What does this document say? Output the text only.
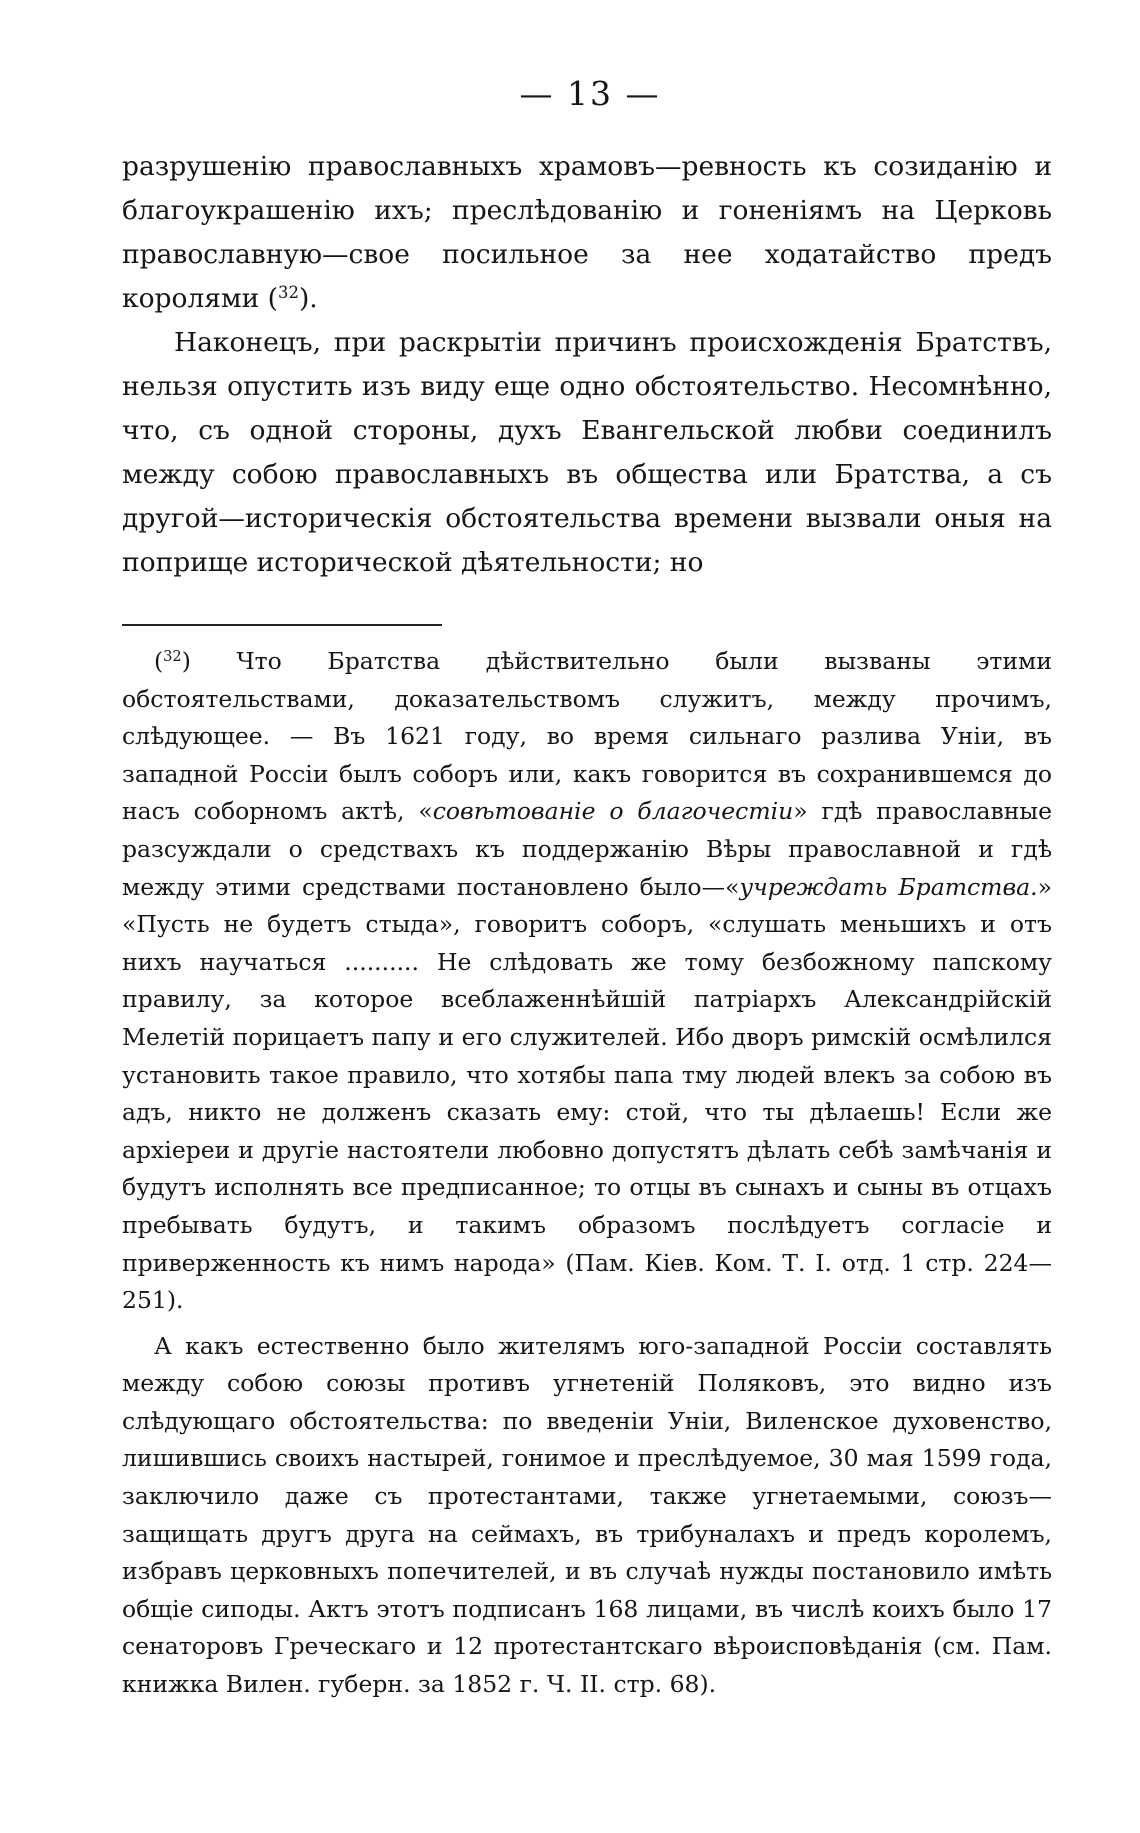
— 13 —

разрушенію православныхъ храмовъ—ревность къ созиданію и благоукрашенію ихъ; преслѣдованію и гоненіямъ на Церковь православную—свое посильное за нее ходатайство предъ королями ($^{32}$).

Наконецъ, при раскрытіи причинъ происхожденія Братствъ, нельзя опустить изъ виду еще одно обстоятельство. Несомнѣнно, что, съ одной стороны, духъ Евангельской любви соединилъ между собою православныхъ въ общества или Братства, а съ другой—историческія обстоятельства времени вызвали оныя на поприще исторической дѣятельности; но

($^{32}$) Что Братства дѣйствительно были вызваны этими обстоятельствами, доказательствомъ служитъ, между прочимъ, слѣдующее. — Въ 1621 году, во время сильнаго разлива Уніи, въ западной Россіи былъ соборъ или, какъ говорится въ сохранившемся до насъ соборномъ актѣ, «совѣтованіе о благочестіи» гдѣ православные разсуждали о средствахъ къ поддержанію Вѣры православной и гдѣ между этими средствами постановлено было—«учреждать Братства.» «Пусть не будетъ стыда», говоритъ соборъ, «слушать меньшихъ и отъ нихъ научаться .......... Не слѣдовать же тому безбожному папскому правилу, за которое всеблаженнѣйшій патріархъ Александрійскій Мелетій порицаетъ папу и его служителей. Ибо дворъ римскій осмѣлился установить такое правило, что хотябы папа тму людей влекъ за собою въ адъ, никто не долженъ сказать ему: стой, что ты дѣлаешь! Если же архіереи и другіе настоятели любовно допустятъ дѣлать себѣ замѣчанія и будутъ исполнять все предписанное; то отцы въ сынахъ и сыны въ отцахъ пребывать будутъ, и такимъ образомъ послѣдуетъ согласіе и приверженность къ нимъ народа» (Пам. Кіев. Ком. Т. I. отд. 1 стр. 224—251).

А какъ естественно было жителямъ юго-западной Россіи составлять между собою союзы противъ угнетеній Поляковъ, это видно изъ слѣдующаго обстоятельства: по введеніи Уніи, Виленское духовенство, лишившись своихъ настырей, гонимое и преслѣдуемое, 30 мая 1599 года, заключило даже съ протестантами, также угнетаемыми, союзъ—защищать другъ друга на сеймахъ, въ трибуналахъ и предъ королемъ, избравъ церковныхъ попечителей, и въ случаѣ нужды постановило имѣть общіе сиподы. Актъ этотъ подписанъ 168 лицами, въ числѣ коихъ было 17 сенаторовъ Греческаго и 12 протестантскаго вѣроисповѣданія (см. Пам. книжка Вилен. губерн. за 1852 г. Ч. II. стр. 68).
